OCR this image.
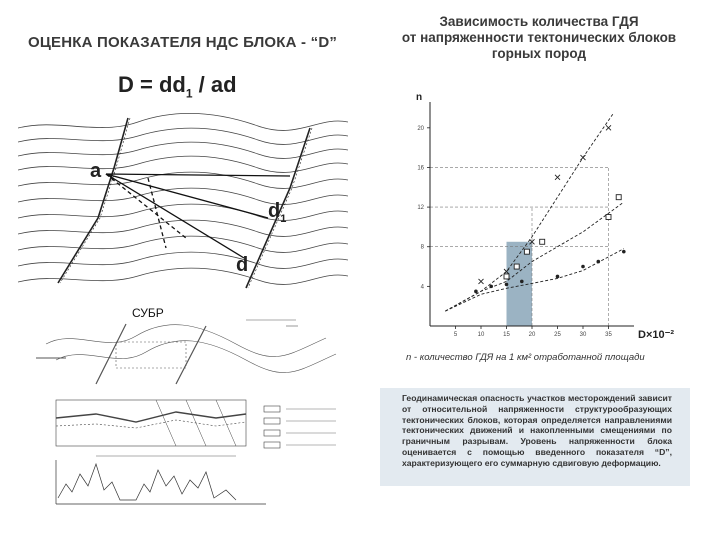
ОЦЕНКА ПОКАЗАТЕЛЯ НДС БЛОКА - “D”
$D = dd_1$ / ad
a
$d_1$
d
СУБР
Зависимость количества ГДЯ
от напряженности тектонических блоков
горных пород
5	10	15	20	25	30	35
4
8
12
16
20
n
D×10⁻²
n - количество ГДЯ на 1 км² отработанной площади
Геодинамическая опасность участков месторождений зависит от относительной напряженности структурообразующих тектонических блоков, которая определяется направлениями тектонических движений и накопленными смещениями по граничным разрывам. Уровень напряженности блока оценивается с помощью введенного показателя “D”, характеризующего его суммарную сдвиговую деформацию.
